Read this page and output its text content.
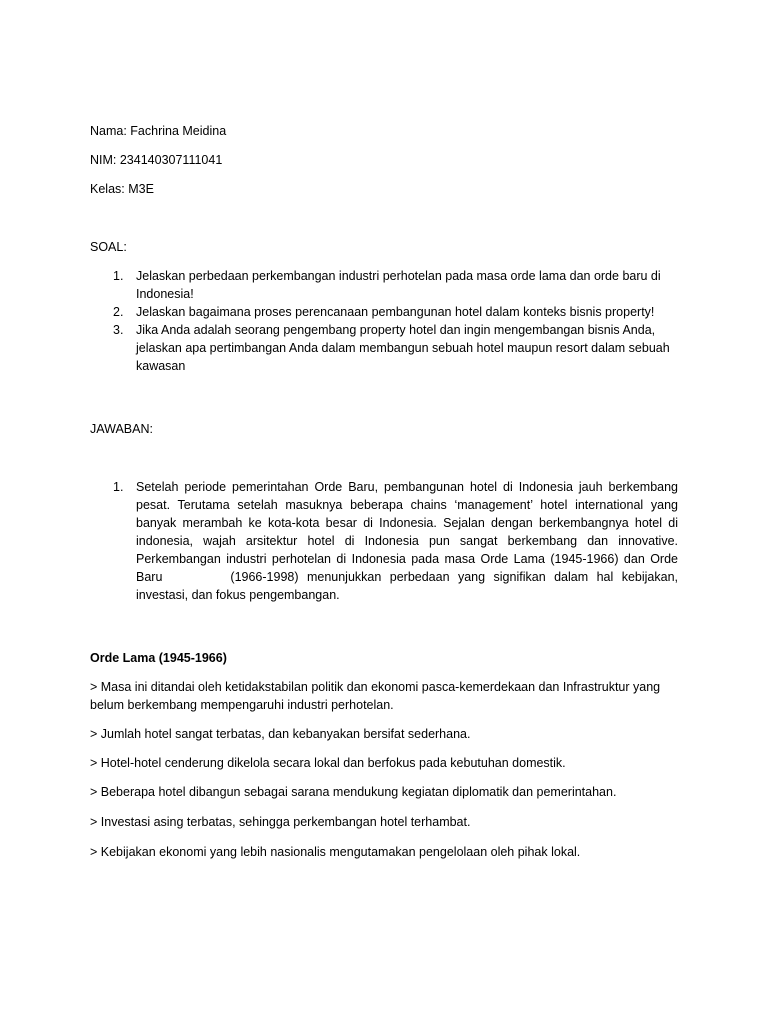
Nama: Fachrina Meidina

NIM: 234140307111041

Kelas: M3E

SOAL:

1. Jelaskan perbedaan perkembangan industri perhotelan pada masa orde lama dan orde baru di Indonesia!
2. Jelaskan bagaimana proses perencanaan pembangunan hotel dalam konteks bisnis property!
3. Jika Anda adalah seorang pengembang property hotel dan ingin mengembangan bisnis Anda, jelaskan apa pertimbangan Anda dalam membangun sebuah hotel maupun resort dalam sebuah kawasan

JAWABAN:

1. Setelah periode pemerintahan Orde Baru, pembangunan hotel di Indonesia jauh berkembang pesat. Terutama setelah masuknya beberapa chains ‘management’ hotel international yang banyak merambah ke kota-kota besar di Indonesia. Sejalan dengan berkembangnya hotel di indonesia, wajah arsitektur hotel di Indonesia pun sangat berkembang dan innovative. Perkembangan industri perhotelan di Indonesia pada masa Orde Lama (1945-1966) dan Orde Baru	(1966-1998) menunjukkan perbedaan yang signifikan dalam hal kebijakan, investasi, dan fokus pengembangan.

Orde Lama (1945-1966)

> Masa ini ditandai oleh ketidakstabilan politik dan ekonomi pasca-kemerdekaan dan Infrastruktur yang belum berkembang mempengaruhi industri perhotelan.

> Jumlah hotel sangat terbatas, dan kebanyakan bersifat sederhana.

> Hotel-hotel cenderung dikelola secara lokal dan berfokus pada kebutuhan domestik.

> Beberapa hotel dibangun sebagai sarana mendukung kegiatan diplomatik dan pemerintahan.

> Investasi asing terbatas, sehingga perkembangan hotel terhambat.

> Kebijakan ekonomi yang lebih nasionalis mengutamakan pengelolaan oleh pihak lokal.
